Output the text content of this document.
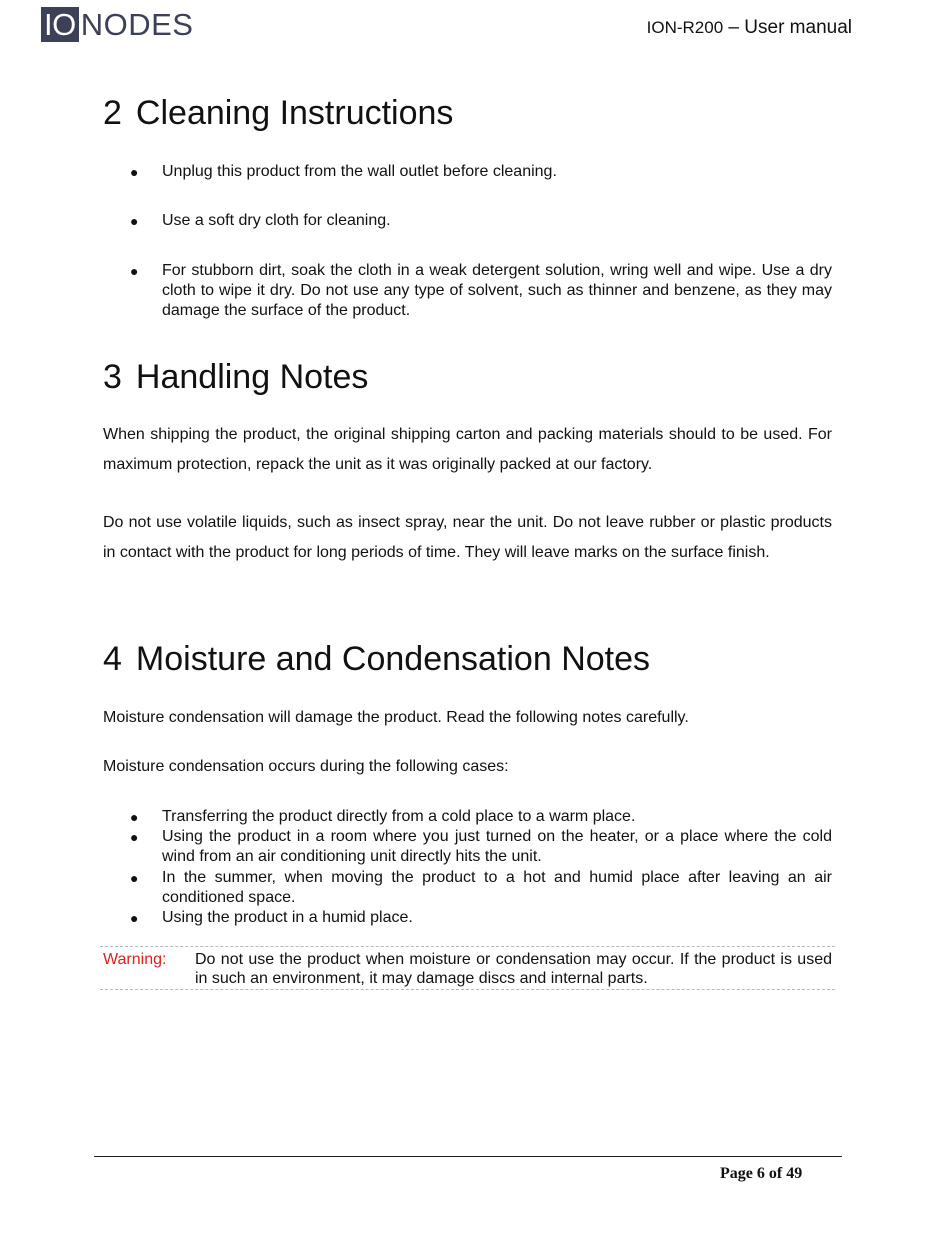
IO NODES	ION-R200 – User manual
2 Cleaning Instructions
●	Unplug this product from the wall outlet before cleaning.
●	Use a soft dry cloth for cleaning.
●	For stubborn dirt, soak the cloth in a weak detergent solution, wring well and wipe. Use a dry cloth to wipe it dry. Do not use any type of solvent, such as thinner and benzene, as they may damage the surface of the product.
3 Handling Notes
When shipping the product, the original shipping carton and packing materials should to be used. For maximum protection, repack the unit as it was originally packed at our factory.
Do not use volatile liquids, such as insect spray, near the unit. Do not leave rubber or plastic products in contact with the product for long periods of time. They will leave marks on the surface finish.
4 Moisture and Condensation Notes
Moisture condensation will damage the product. Read the following notes carefully.
Moisture condensation occurs during the following cases:
●	Transferring the product directly from a cold place to a warm place.
●	Using the product in a room where you just turned on the heater, or a place where the cold wind from an air conditioning unit directly hits the unit.
●	In the summer, when moving the product to a hot and humid place after leaving an air conditioned space.
●	Using the product in a humid place.
Warning: Do not use the product when moisture or condensation may occur. If the product is used in such an environment, it may damage discs and internal parts.
Page 6 of 49
